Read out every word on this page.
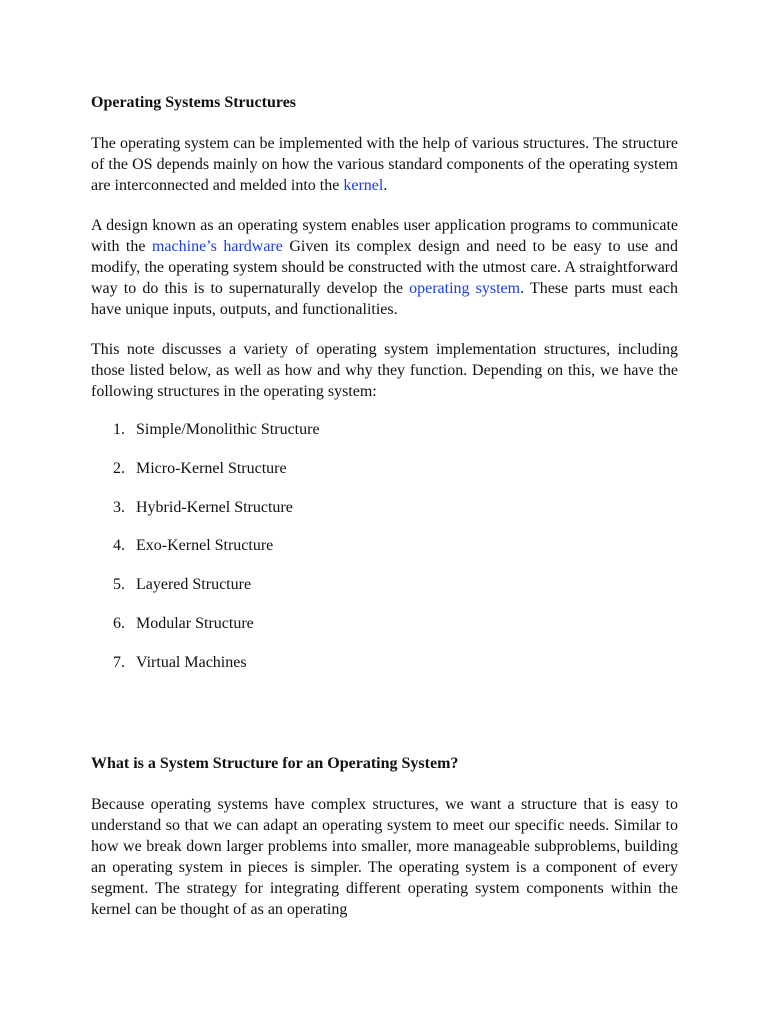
Operating Systems Structures

The operating system can be implemented with the help of various structures. The structure of the OS depends mainly on how the various standard components of the operating system are interconnected and melded into the kernel.

A design known as an operating system enables user application programs to communicate with the machine’s hardware Given its complex design and need to be easy to use and modify, the operating system should be constructed with the utmost care. A straightforward way to do this is to supernaturally develop the operating system. These parts must each have unique inputs, outputs, and functionalities.

This note discusses a variety of operating system implementation structures, including those listed below, as well as how and why they function. Depending on this, we have the following structures in the operating system:

1. Simple/Monolithic Structure
2. Micro-Kernel Structure
3. Hybrid-Kernel Structure
4. Exo-Kernel Structure
5. Layered Structure
6. Modular Structure
7. Virtual Machines
What is a System Structure for an Operating System?

Because operating systems have complex structures, we want a structure that is easy to understand so that we can adapt an operating system to meet our specific needs. Similar to how we break down larger problems into smaller, more manageable subproblems, building an operating system in pieces is simpler. The operating system is a component of every segment. The strategy for integrating different operating system components within the kernel can be thought of as an operating
